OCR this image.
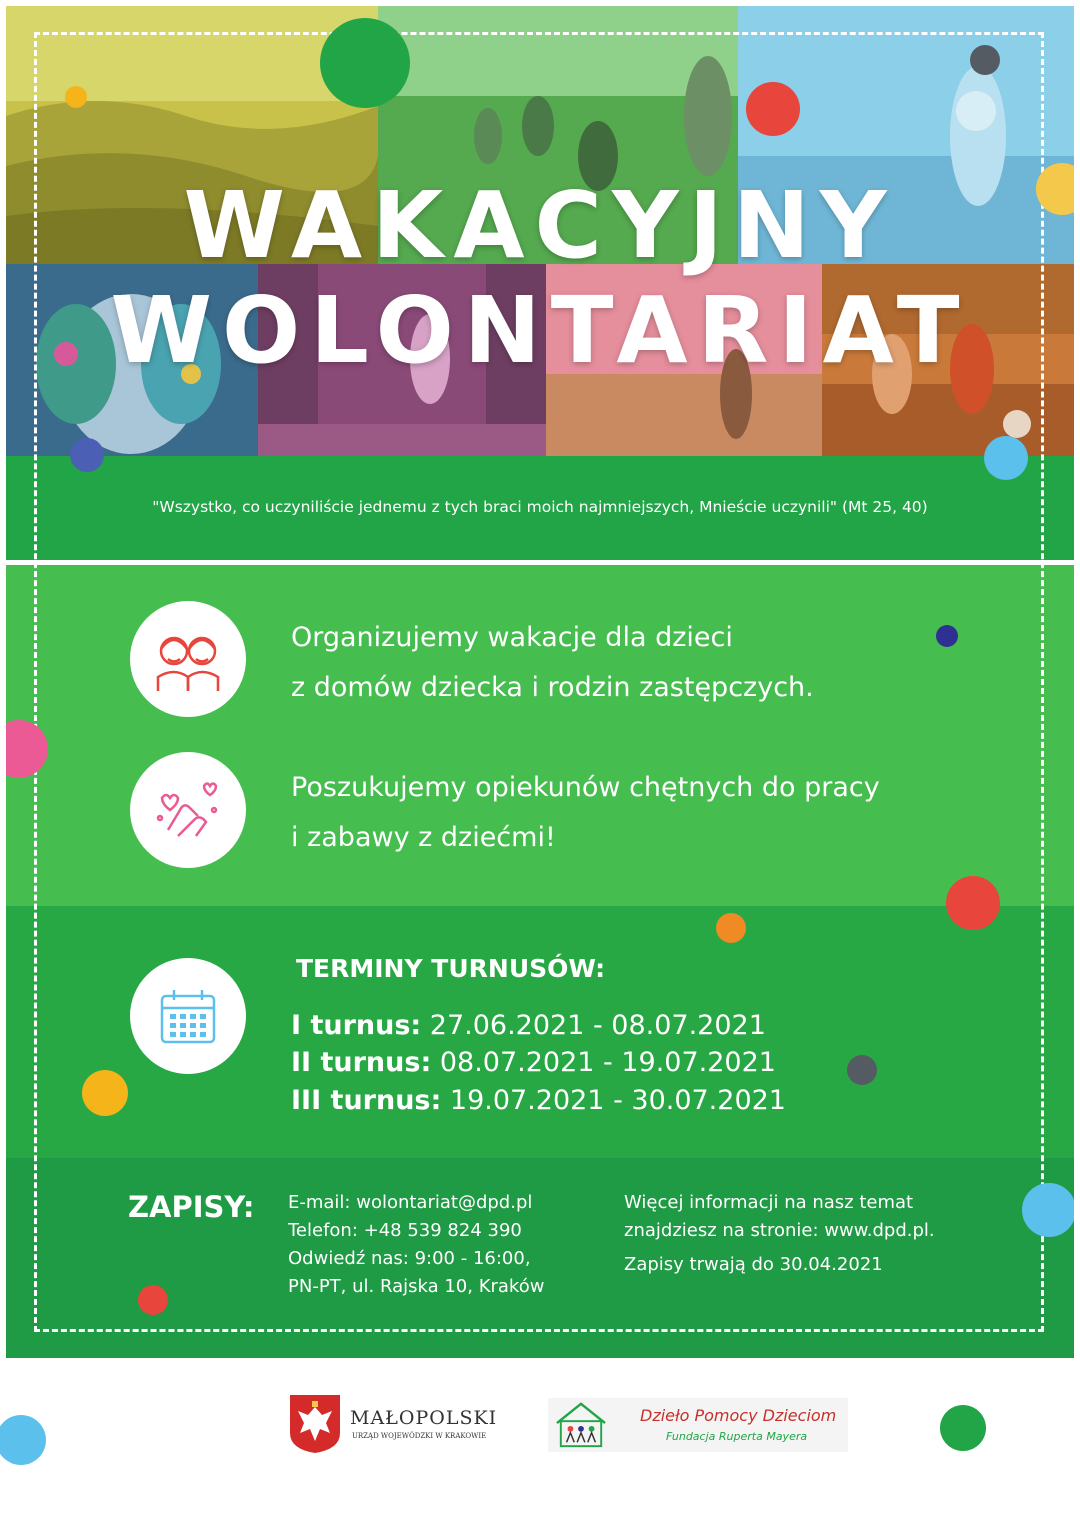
WAKACYJNY
WOLONTARIAT
"Wszystko, co uczyniliście jednemu z tych braci moich najmniejszych, Mnieście uczynili" (Mt 25, 40)
Organizujemy wakacje dla dzieci
z domów dziecka i rodzin zastępczych.
Poszukujemy opiekunów chętnych do pracy
i zabawy z dziećmi!
TERMINY TURNUSÓW:
I turnus: 27.06.2021 - 08.07.2021
II turnus: 08.07.2021 - 19.07.2021
III turnus: 19.07.2021 - 30.07.2021
ZAPISY: E-mail: wolontariat@dpd.pl
Telefon: +48 539 824 390
Odwiedź nas: 9:00 - 16:00,
PN-PT, ul. Rajska 10, Kraków
Więcej informacji na nasz temat
znajdziesz na stronie: www.dpd.pl.
Zapisy trwają do 30.04.2021
MAŁOPOLSKI
URZĄD WOJEWÓDZKI W KRAKOWIE
Dzieło Pomocy Dzieciom
Fundacja Ruperta Mayera
